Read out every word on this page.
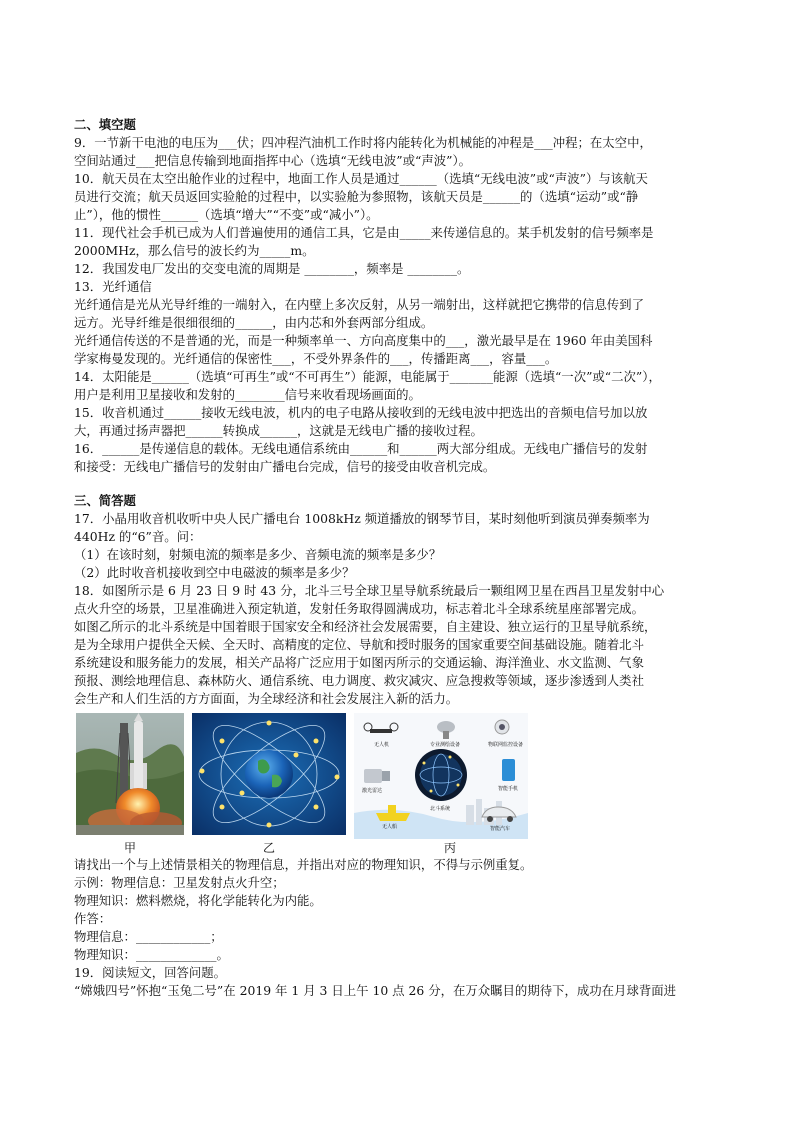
二、填空题
9．一节新干电池的电压为___伏；四冲程汽油机工作时将内能转化为机械能的冲程是___冲程；在太空中，
空间站通过___把信息传输到地面指挥中心（选填“无线电波”或“声波”）。
10．航天员在太空出舱作业的过程中，地面工作人员是通过______（选填“无线电波”或“声波”）与该航天
员进行交流；航天员返回实验舱的过程中，以实验舱为参照物，该航天员是______的（选填“运动”或“静
止”），他的惯性______（选填“增大”“不变”或“减小”）。
11．现代社会手机已成为人们普遍使用的通信工具，它是由_____来传递信息的。某手机发射的信号频率是
2000MHz，那么信号的波长约为_____m。
12．我国发电厂发出的交变电流的周期是 ________，频率是 ________。
13．光纤通信
光纤通信是光从光导纤维的一端射入，在内壁上多次反射，从另一端射出，这样就把它携带的信息传到了
远方。光导纤维是很细很细的______，由内芯和外套两部分组成。
光纤通信传送的不是普通的光，而是一种频率单一、方向高度集中的___，激光最早是在 1960 年由美国科
学家梅曼发现的。光纤通信的保密性___，不受外界条件的___，传播距离___，容量___。
14．太阳能是______（选填“可再生”或“不可再生”）能源，电能属于_______能源（选填“一次”或“二次”），
用户是利用卫星接收和发射的________信号来收看现场画面的。
15．收音机通过______接收无线电波，机内的电子电路从接收到的无线电波中把选出的音频电信号加以放
大，再通过扬声器把______转换成______，这就是无线电广播的接收过程。
16．______是传递信息的载体。无线电通信系统由______和______两大部分组成。无线电广播信号的发射
和接受：无线电广播信号的发射由广播电台完成，信号的接受由收音机完成。
三、简答题
17．小晶用收音机收听中央人民广播电台 1008kHz 频道播放的钢琴节目，某时刻他听到演员弹奏频率为
440Hz 的“6”音。问：
（1）在该时刻，射频电流的频率是多少、音频电流的频率是多少？
（2）此时收音机接收到空中电磁波的频率是多少？
18．如图所示是 6 月 23 日 9 时 43 分，北斗三号全球卫星导航系统最后一颗组网卫星在西昌卫星发射中心
点火升空的场景，卫星准确进入预定轨道，发射任务取得圆满成功，标志着北斗全球系统星座部署完成。
如图乙所示的北斗系统是中国着眼于国家安全和经济社会发展需要，自主建设、独立运行的卫星导航系统，
是为全球用户提供全天候、全天时、高精度的定位、导航和授时服务的国家重要空间基础设施。随着北斗
系统建设和服务能力的发展，相关产品将广泛应用于如图丙所示的交通运输、海洋渔业、水文监测、气象
预报、测绘地理信息、森林防火、通信系统、电力调度、救灾减灾、应急搜救等领域，逐步渗透到人类社
会生产和人们生活的方方面面，为全球经济和社会发展注入新的活力。
甲	乙
无人机	专业测绘设备	物联网监控设备
激光雷达	智能手机
北斗系统
无人船	智能汽车
丙
请找出一个与上述情景相关的物理信息，并指出对应的物理知识，不得与示例重复。
示例：物理信息：卫星发射点火升空；
物理知识：燃料燃烧，将化学能转化为内能。
作答：
物理信息：____________；
物理知识：_____________。
19．阅读短文，回答问题。
“嫦娥四号”怀抱“玉兔二号”在 2019 年 1 月 3 日上午 10 点 26 分，在万众瞩目的期待下，成功在月球背面进
